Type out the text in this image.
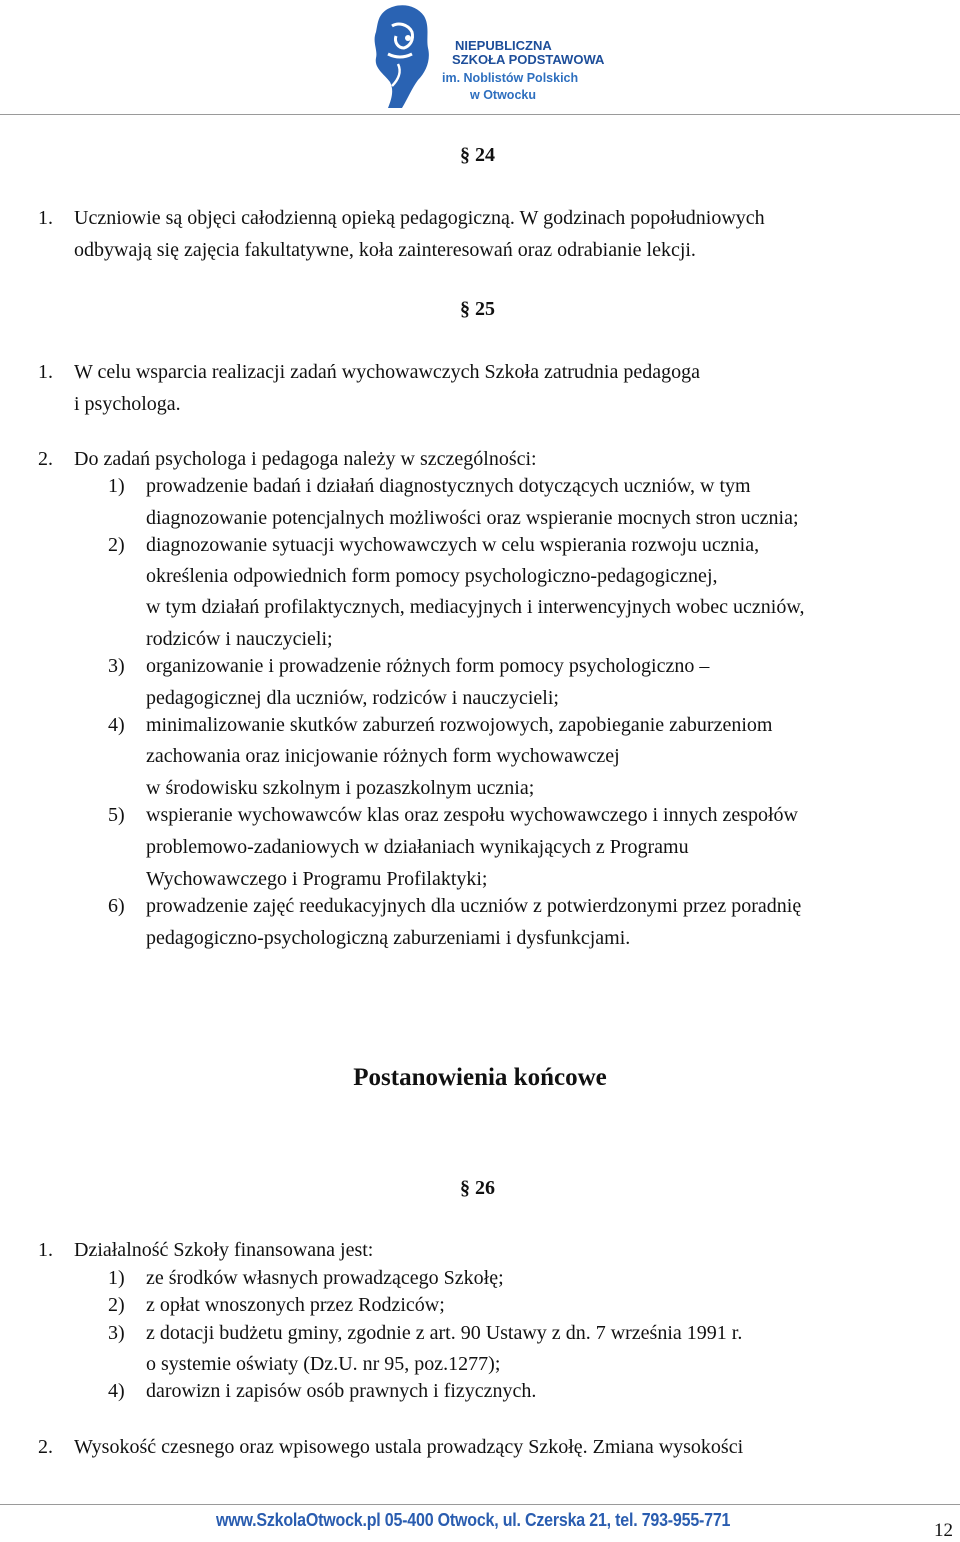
NIEPUBLICZNA
SZKOŁA PODSTAWOWA
im. Noblistów Polskich
w Otwocku
§ 24
1. Uczniowie są objęci całodzienną opieką pedagogiczną. W godzinach popołudniowych
odbywają się zajęcia fakultatywne, koła zainteresowań oraz odrabianie lekcji.
§ 25
1. W celu wsparcia realizacji zadań wychowawczych Szkoła zatrudnia pedagoga
i psychologa.
2. Do zadań psychologa i pedagoga należy w szczególności:
1) prowadzenie badań i działań diagnostycznych dotyczących uczniów, w tym
diagnozowanie potencjalnych możliwości oraz wspieranie mocnych stron ucznia;
2) diagnozowanie sytuacji wychowawczych w celu wspierania rozwoju ucznia,
określenia odpowiednich form pomocy psychologiczno-pedagogicznej,
w tym działań profilaktycznych, mediacyjnych i interwencyjnych wobec uczniów,
rodziców i nauczycieli;
3) organizowanie i prowadzenie różnych form pomocy psychologiczno –
pedagogicznej dla uczniów, rodziców i nauczycieli;
4) minimalizowanie skutków zaburzeń rozwojowych, zapobieganie zaburzeniom
zachowania oraz inicjowanie różnych form wychowawczej
w środowisku szkolnym i pozaszkolnym ucznia;
5) wspieranie wychowawców klas oraz zespołu wychowawczego i innych zespołów
problemowo-zadaniowych w działaniach wynikających z Programu
Wychowawczego i Programu Profilaktyki;
6) prowadzenie zajęć reedukacyjnych dla uczniów z potwierdzonymi przez poradnię
pedagogiczno-psychologiczną zaburzeniami i dysfunkcjami.
Postanowienia końcowe
§ 26
1. Działalność Szkoły finansowana jest:
1) ze środków własnych prowadzącego Szkołę;
2) z opłat wnoszonych przez Rodziców;
3) z dotacji budżetu gminy, zgodnie z art. 90 Ustawy z dn. 7 września 1991 r.
o systemie oświaty (Dz.U. nr 95, poz.1277);
4) darowizn i zapisów osób prawnych i fizycznych.
2. Wysokość czesnego oraz wpisowego ustala prowadzący Szkołę. Zmiana wysokości
www.SzkolaOtwock.pl 05-400 Otwock, ul. Czerska 21, tel. 793-955-771	12
